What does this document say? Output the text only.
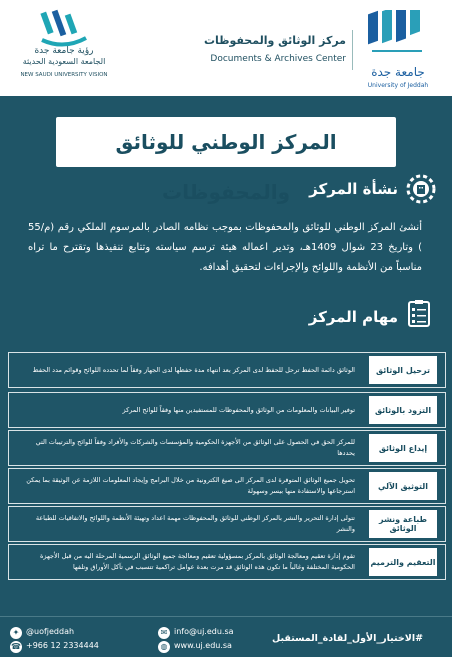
جامعة جدة
University of Jeddah
مركز الوثائق والمحفوظات
Documents & Archives Center
رؤية جامعة جدة
الجامعة السعودية الحديثة
NEW SAUDI UNIVERSITY VISION
المركز الوطني للوثائق والمحفوظات	نشأة المركز
أنشئ المركز الوطني للوثائق والمحفوظات بموجب نظامه الصادر بالمرسوم الملكي رقم (م/55 ) وتاريخ 23 شوال 1409هـ، وتدير اعماله هيئة ترسم سياسته وتتابع تنفيذها وتقترح ما تراه مناسباً من الأنظمة واللوائح والإجراءات لتحقيق أهدافه.
مهام المركز
ترحيل الوثائق
الوثائق دائمة الحفظ ترحل للحفظ لدى المركز بعد انتهاء مدة حفظها لدى الجهاز وفقاً لما تحدده اللوائح وقوائم مدد الحفظ
التزود بالوثائق
توفير البيانات والمعلومات من الوثائق والمحفوظات للمستفيدين منها وفقاً للوائح المركز
إيداع الوثائق
للمركز الحق في الحصول على الوثائق من الأجهزة الحكومية والمؤسسات والشركات والأفراد وفقاً للوائح والترتيبات التي يحددها
التوثيق الآلي
تحويل جميع الوثائق المتوفرة لدى المركز الى صيغ الكترونية من خلال البرامج وإيجاد المعلومات اللازمة عن الوثيقة بما يمكن استرجاعها والاستفادة منها بيسر وسهولة
طباعة ونشر الوثائق
تتولى إدارة التحرير والنشر بالمركز الوطني للوثائق والمحفوظات مهمة اعداد وتهيئة الأنظمة واللوائح والاتفاقيات للطباعة والنشر
التعقيم والترميم
تقوم إدارة تعقيم ومعالجة الوثائق بالمركز بمسؤولية تعقيم ومعالجة جميع الوثائق الرسمية المرحلة اليه من قبل الأجهزة الحكومية المختلفة وغالباً ما تكون هذه الوثائق قد مرت بعدة عوامل تراكمية تتسبب في تآكل الأوراق وتلفها
#الاختيار_الأول_لقادة_المستقبل
✉ info@uj.edu.sa
◍ www.uj.edu.sa
✦ @uofjeddah
☎ +966 12 2334444
